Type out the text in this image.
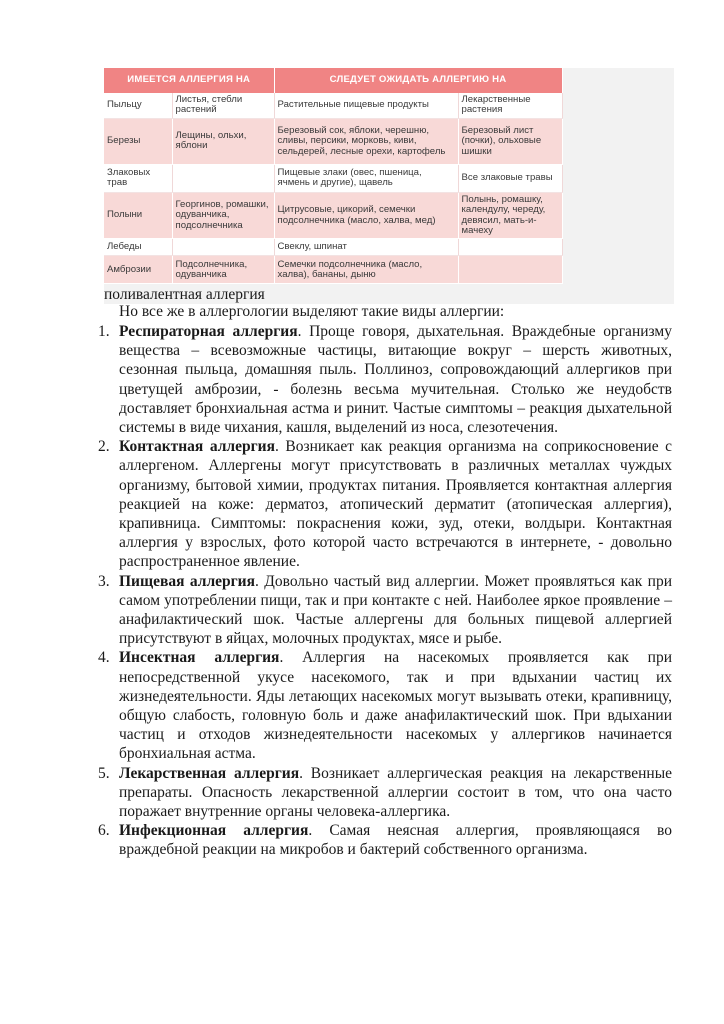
ИМЕЕТСЯ АЛЛЕРГИЯ НА		СЛЕДУЕТ ОЖИДАТЬ АЛЛЕРГИЮ НА	
Пыльцу	Листья, стебли растений	Растительные пищевые продукты	Лекарственные растения
Березы	Лещины, ольхи, яблони	Березовый сок, яблоки, черешню, сливы, персики, морковь, киви, сельдерей, лесные орехи, картофель	Березовый лист (почки), ольховые шишки
Злаковых трав		Пищевые злаки (овес, пшеница, ячмень и другие), щавель	Все злаковые травы
Полыни	Георгинов, ромашки, одуванчика, подсолнечника	Цитрусовые, цикорий, семечки подсолнечника (масло, халва, мед)	Полынь, ромашку, календулу, череду, девясил, мать-и-мачеху
Лебеды		Свеклу, шпинат	
Амброзии	Подсолнечника, одуванчика	Семечки подсолнечника (масло, халва), бананы, дыню	
поливалентная аллергия
Но все же в аллергологии выделяют такие виды аллергии:
1. Респираторная аллергия. Проще говоря, дыхательная. Враждебные организму вещества – всевозможные частицы, витающие вокруг – шерсть животных, сезонная пыльца, домашняя пыль. Поллиноз, сопровождающий аллергиков при цветущей амброзии, - болезнь весьма мучительная. Столько же неудобств доставляет бронхиальная астма и ринит. Частые симптомы – реакция дыхательной системы в виде чихания, кашля, выделений из носа, слезотечения.
2. Контактная аллергия. Возникает как реакция организма на соприкосновение с аллергеном. Аллергены могут присутствовать в различных металлах чуждых организму, бытовой химии, продуктах питания. Проявляется контактная аллергия реакцией на коже: дерматоз, атопический дерматит (атопическая аллергия), крапивница. Симптомы: покраснения кожи, зуд, отеки, волдыри. Контактная аллергия у взрослых, фото которой часто встречаются в интернете, - довольно распространенное явление.
3. Пищевая аллергия. Довольно частый вид аллергии. Может проявляться как при самом употреблении пищи, так и при контакте с ней. Наиболее яркое проявление – анафилактический шок. Частые аллергены для больных пищевой аллергией присутствуют в яйцах, молочных продуктах, мясе и рыбе.
4. Инсектная аллергия. Аллергия на насекомых проявляется как при непосредственной укусе насекомого, так и при вдыхании частиц их жизнедеятельности. Яды летающих насекомых могут вызывать отеки, крапивницу, общую слабость, головную боль и даже анафилактический шок. При вдыхании частиц и отходов жизнедеятельности насекомых у аллергиков начинается бронхиальная астма.
5. Лекарственная аллергия. Возникает аллергическая реакция на лекарственные препараты. Опасность лекарственной аллергии состоит в том, что она часто поражает внутренние органы человека-аллергика.
6. Инфекционная аллергия. Самая неясная аллергия, проявляющаяся во враждебной реакции на микробов и бактерий собственного организма.
